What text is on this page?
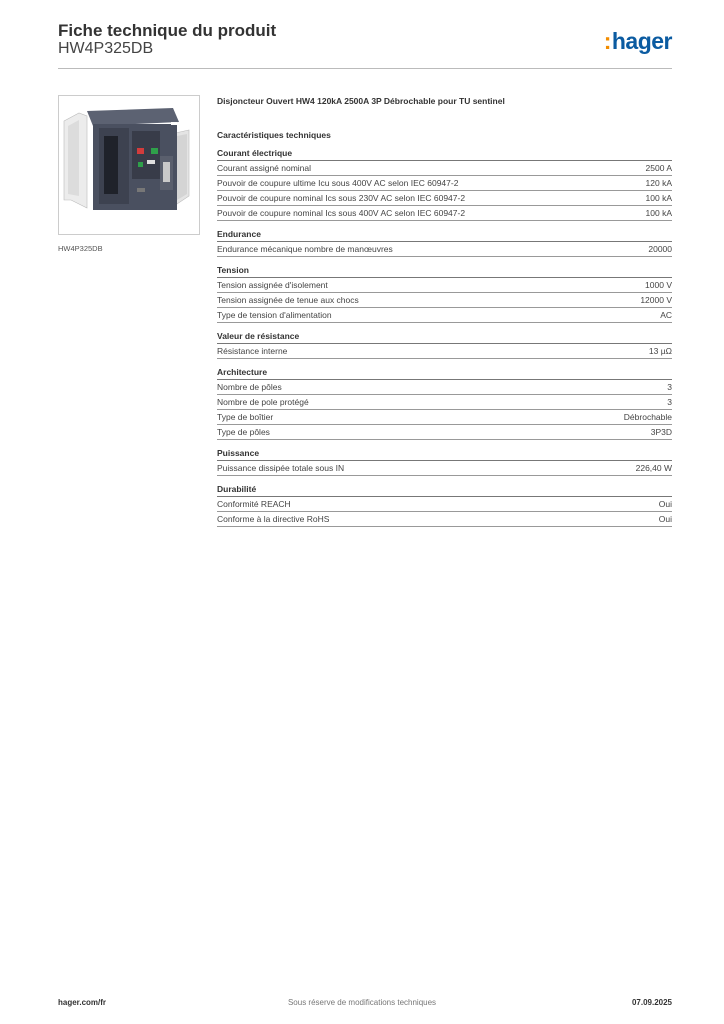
Fiche technique du produit
HW4P325DB	:hager
HW4P325DB
Disjoncteur Ouvert HW4 120kA 2500A 3P Débrochable pour TU sentinel
Caractéristiques techniques
Courant électrique
Courant assigné nominal	2500 A
Pouvoir de coupure ultime Icu sous 400V AC selon IEC 60947-2	120 kA
Pouvoir de coupure nominal Ics sous 230V AC selon IEC 60947-2	100 kA
Pouvoir de coupure nominal Ics sous 400V AC selon IEC 60947-2	100 kA
Endurance
Endurance mécanique nombre de manœuvres	20000
Tension
Tension assignée d'isolement	1000 V
Tension assignée de tenue aux chocs	12000 V
Type de tension d'alimentation	AC
Valeur de résistance
Résistance interne	13 µΩ
Architecture
Nombre de pôles	3
Nombre de pole protégé	3
Type de boîtier	Débrochable
Type de pôles	3P3D
Puissance
Puissance dissipée totale sous IN	226,40 W
Durabilité
Conformité REACH	Oui
Conforme à la directive RoHS	Oui
hager.com/fr	Sous réserve de modifications techniques	07.09.2025
